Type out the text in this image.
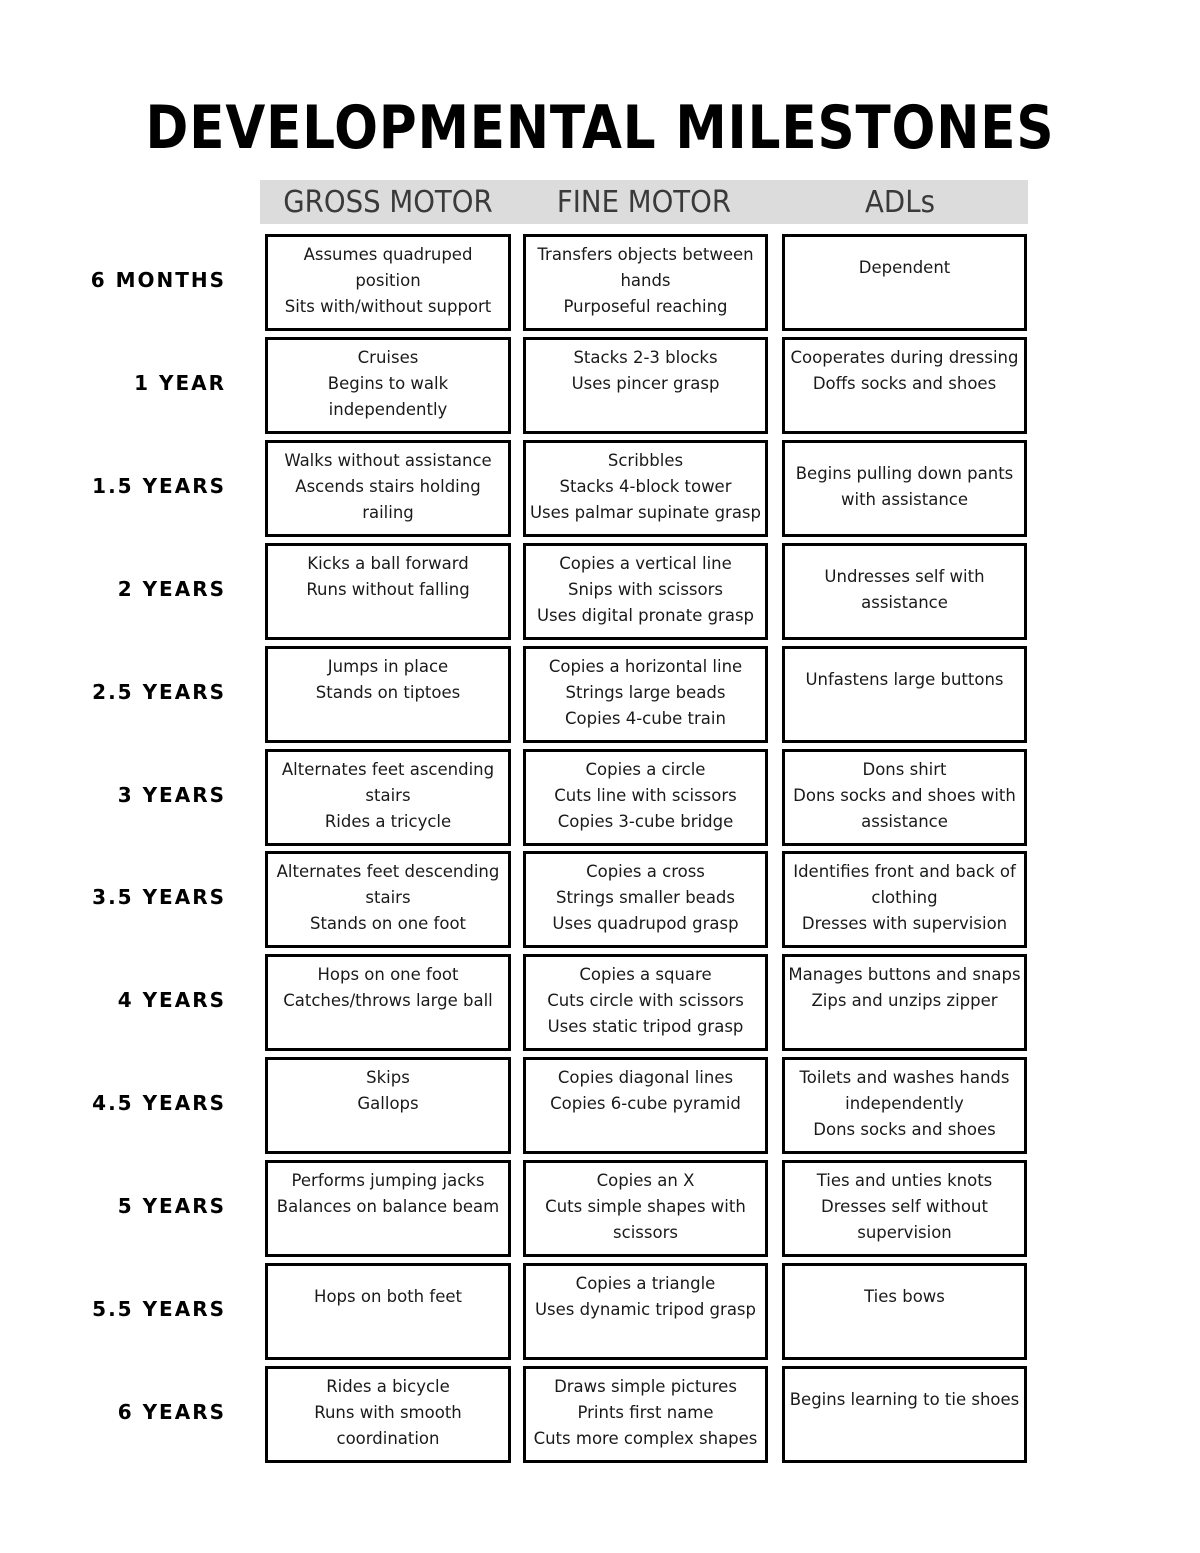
DEVELOPMENTAL MILESTONES
GROSS MOTOR	FINE MOTOR	ADLs
6 MONTHS
Assumes quadruped position
Sits with/without support
Transfers objects between hands
Purposeful reaching
Dependent
1 YEAR
Cruises
Begins to walk independently
Stacks 2-3 blocks
Uses pincer grasp
Cooperates during dressing
Doffs socks and shoes
1.5 YEARS
Walks without assistance
Ascends stairs holding railing
Scribbles
Stacks 4-block tower
Uses palmar supinate grasp
Begins pulling down pants with assistance
2 YEARS
Kicks a ball forward
Runs without falling
Copies a vertical line
Snips with scissors
Uses digital pronate grasp
Undresses self with assistance
2.5 YEARS
Jumps in place
Stands on tiptoes
Copies a horizontal line
Strings large beads
Copies 4-cube train
Unfastens large buttons
3 YEARS
Alternates feet ascending stairs
Rides a tricycle
Copies a circle
Cuts line with scissors
Copies 3-cube bridge
Dons shirt
Dons socks and shoes with assistance
3.5 YEARS
Alternates feet descending stairs
Stands on one foot
Copies a cross
Strings smaller beads
Uses quadrupod grasp
Identifies front and back of clothing
Dresses with supervision
4 YEARS
Hops on one foot
Catches/throws large ball
Copies a square
Cuts circle with scissors
Uses static tripod grasp
Manages buttons and snaps
Zips and unzips zipper
4.5 YEARS
Skips
Gallops
Copies diagonal lines
Copies 6-cube pyramid
Toilets and washes hands independently
Dons socks and shoes
5 YEARS
Performs jumping jacks
Balances on balance beam
Copies an X
Cuts simple shapes with scissors
Ties and unties knots
Dresses self without supervision
5.5 YEARS
Hops on both feet
Copies a triangle
Uses dynamic tripod grasp
Ties bows
6 YEARS
Rides a bicycle
Runs with smooth coordination
Draws simple pictures
Prints first name
Cuts more complex shapes
Begins learning to tie shoes
